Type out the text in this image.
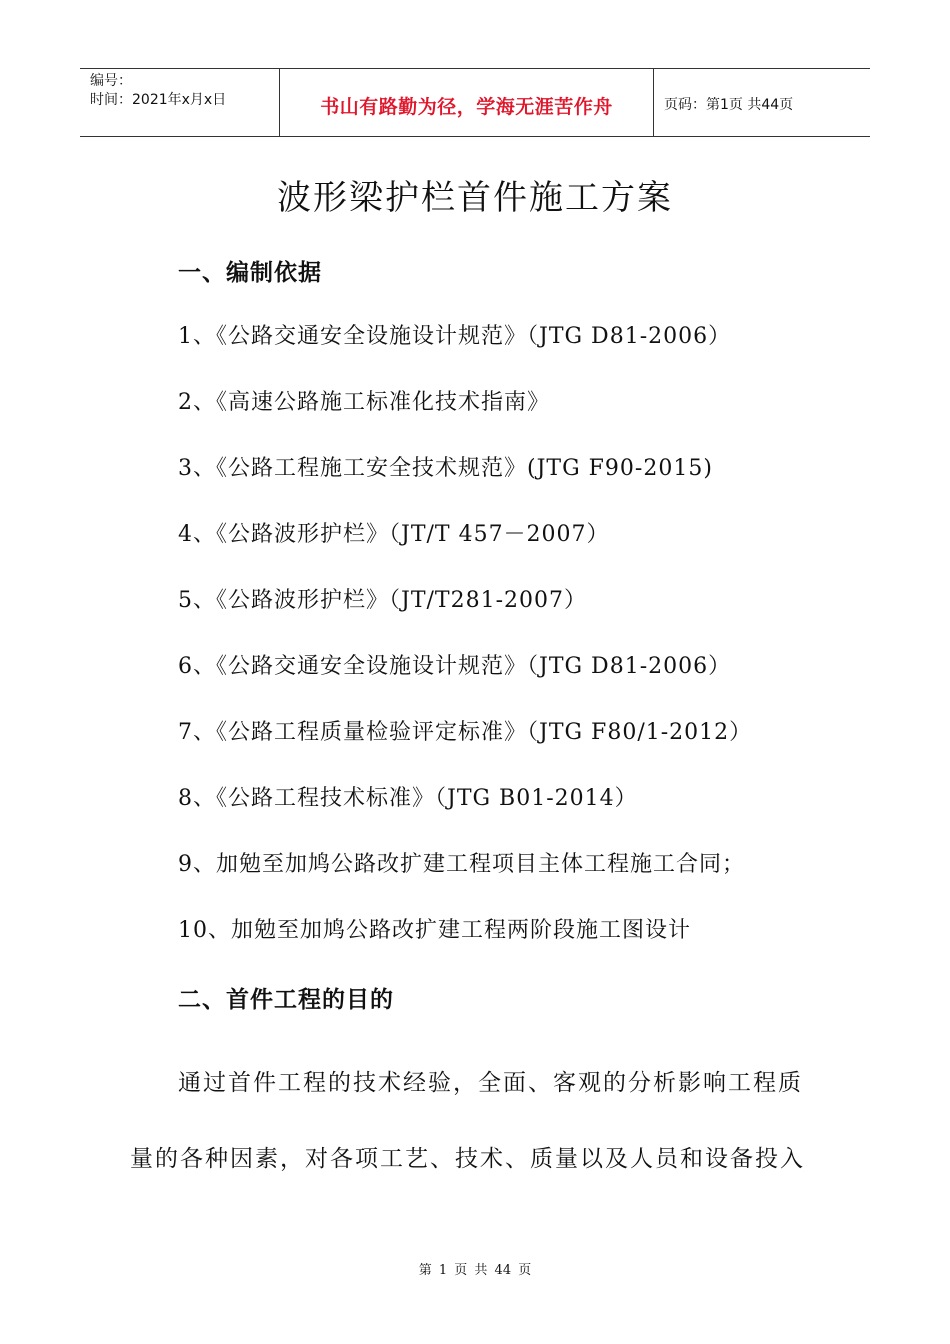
编号：
时间：2021年x月x日	书山有路勤为径，学海无涯苦作舟	页码：第1页 共44页
波形梁护栏首件施工方案
一、编制依据
1、《公路交通安全设施设计规范》（JTG D81-2006）
2、《高速公路施工标准化技术指南》
3、《公路工程施工安全技术规范》(JTG F90-2015)
4、《公路波形护栏》（JT/T 457－2007）
5、《公路波形护栏》（JT/T281-2007）
6、《公路交通安全设施设计规范》（JTG D81-2006）
7、《公路工程质量检验评定标准》（JTG F80/1-2012）
8、《公路工程技术标准》（JTG B01-2014）
9、加勉至加鸠公路改扩建工程项目主体工程施工合同；
10、加勉至加鸠公路改扩建工程两阶段施工图设计
二、首件工程的目的
通过首件工程的技术经验，全面、客观的分析影响工程质
量的各种因素，对各项工艺、技术、质量以及人员和设备投入
第 1 页 共 44 页
